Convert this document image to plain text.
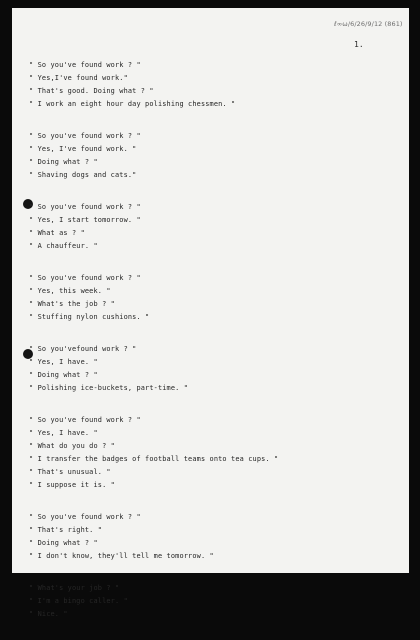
ℓ∞ω/6/26/9/12 (861)
1.
" So you've found work ? "
" Yes,I've found work."
" That's good. Doing what ? "
" I work an eight hour day polishing chessmen. "
" So you've found work ? "
" Yes, I've found work. "
" Doing what ? "
" Shaving dogs and cats."
" So you've found work ? "
" Yes, I start tomorrow. "
" What as ? "
" A chauffeur. "
" So you've found work ? "
" Yes, this week. "
" What's the job ? "
" Stuffing nylon cushions. "
" So you'vefound work ? "
" Yes, I have. "
" Doing what ? "
" Polishing ice-buckets, part-time. "
" So you've found work ? "
" Yes, I have. "
" What do you do ? "
" I transfer the badges of football teams onto tea cups. "
" That's unusual. "
" I suppose it is. "
" So you've found work ? "
" That's right. "
" Doing what ? "
" I don't know, they'll tell me tomorrow. "
" What's your job ? "
" I'm a bingo caller. "
" Nice. "
